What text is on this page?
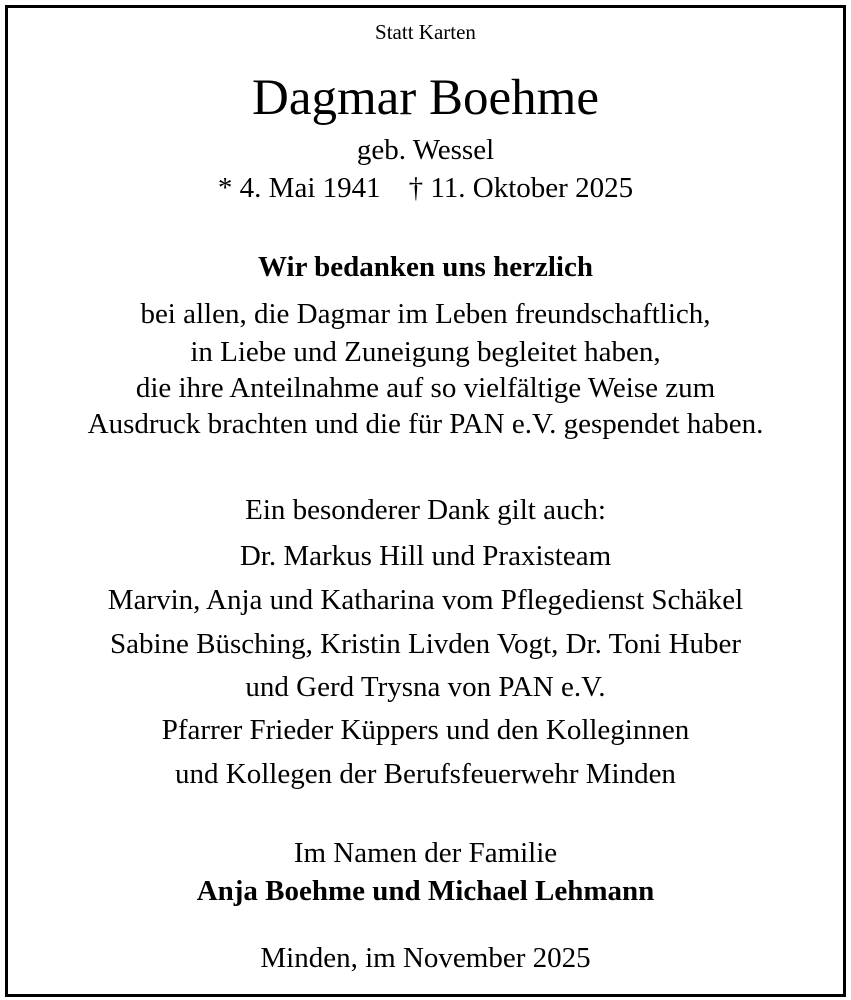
Statt Karten
Dagmar Boehme
geb. Wessel
* 4. Mai 1941 † 11. Oktober 2025
Wir bedanken uns herzlich
bei allen, die Dagmar im Leben freundschaftlich,
in Liebe und Zuneigung begleitet haben,
die ihre Anteilnahme auf so vielfältige Weise zum
Ausdruck brachten und die für PAN e.V. gespendet haben.
Ein besonderer Dank gilt auch:
Dr. Markus Hill und Praxisteam
Marvin, Anja und Katharina vom Pflegedienst Schäkel
Sabine Büsching, Kristin Livden Vogt, Dr. Toni Huber
und Gerd Trysna von PAN e.V.
Pfarrer Frieder Küppers und den Kolleginnen
und Kollegen der Berufsfeuerwehr Minden
Im Namen der Familie
Anja Boehme und Michael Lehmann
Minden, im November 2025
